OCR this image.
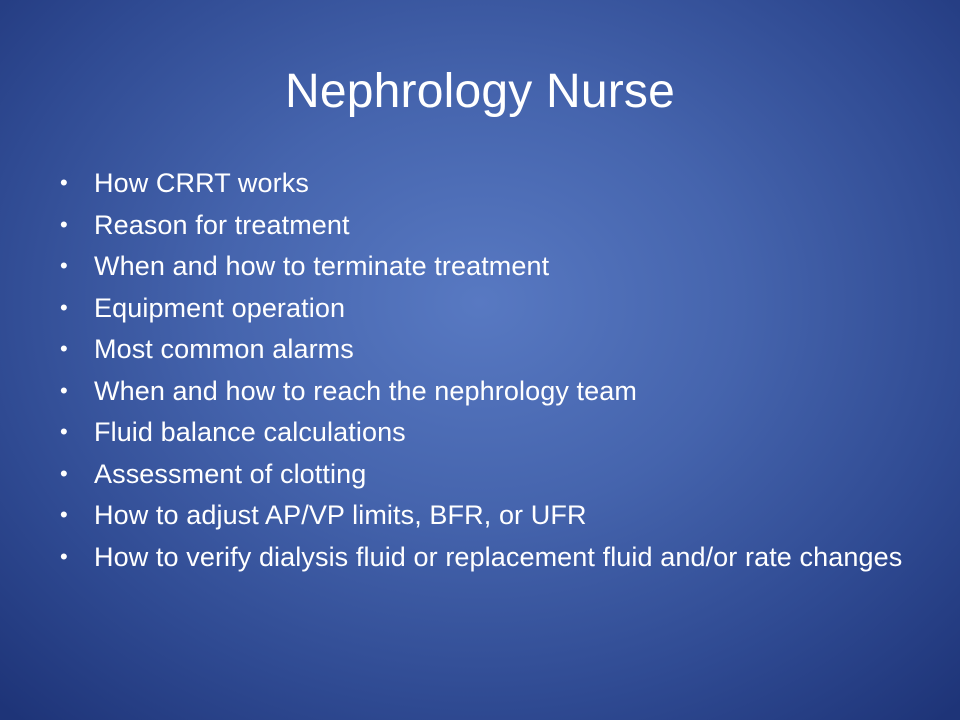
Nephrology Nurse
• How CRRT works
• Reason for treatment
• When and how to terminate treatment
• Equipment operation
• Most common alarms
• When and how to reach the nephrology team
• Fluid balance calculations
• Assessment of clotting
• How to adjust AP/VP limits, BFR, or UFR
• How to verify dialysis fluid or replacement fluid and/or rate changes
